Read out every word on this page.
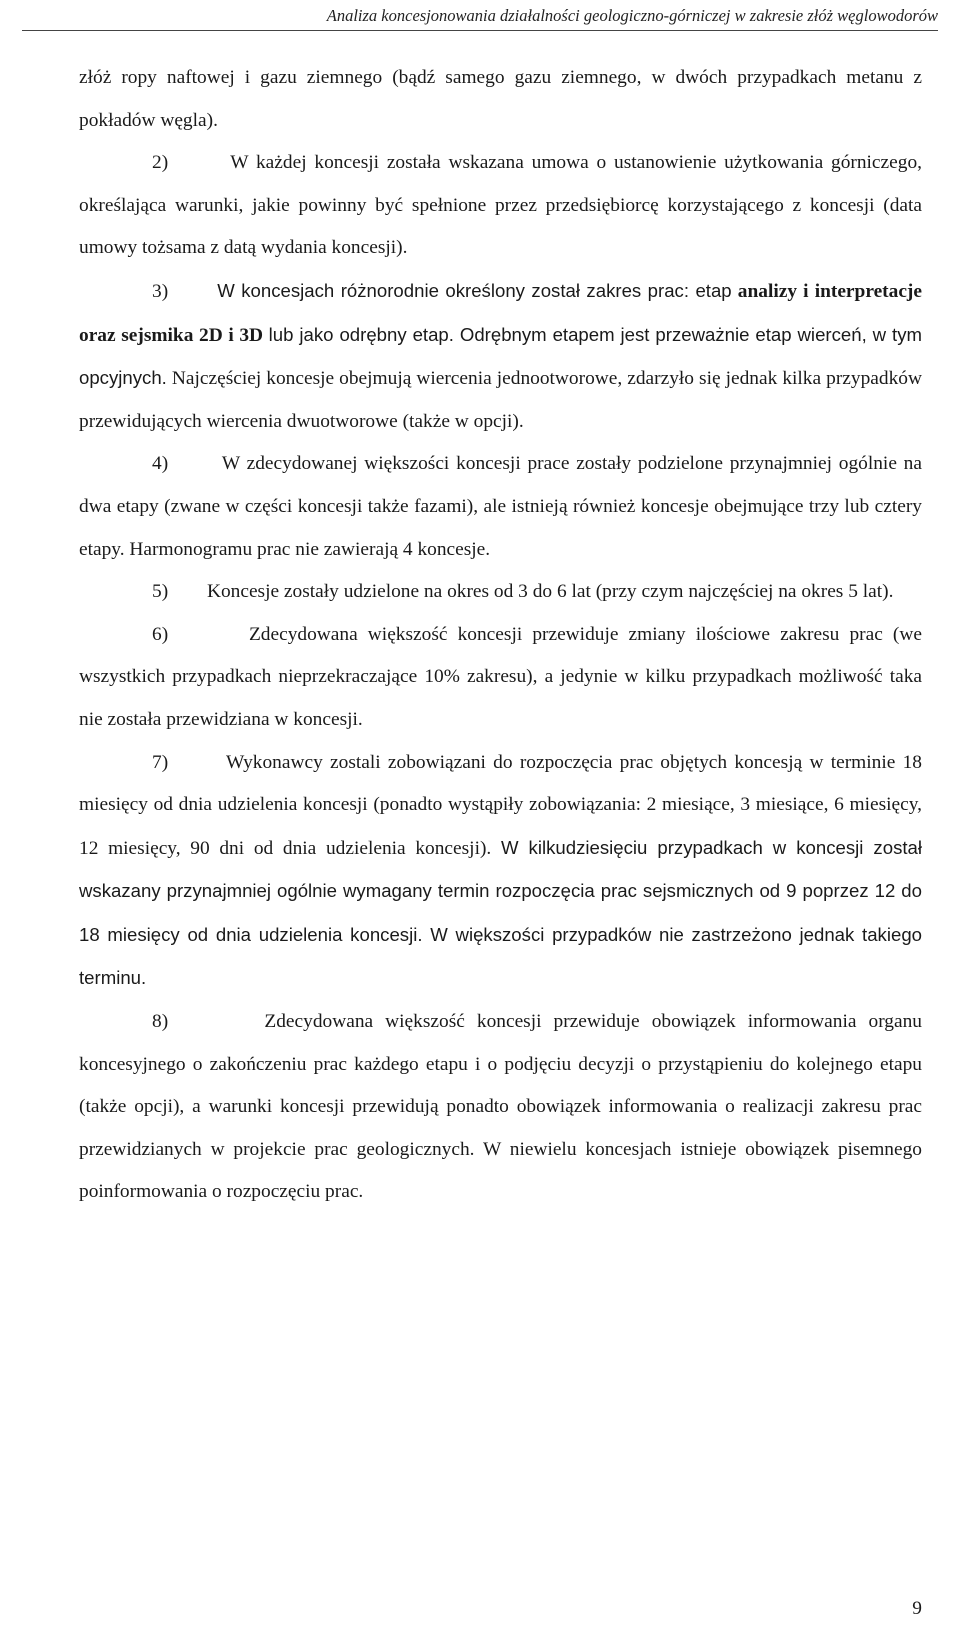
Analiza koncesjonowania działalności geologiczno-górniczej w zakresie złóż węglowodorów

złóż ropy naftowej i gazu ziemnego (bądź samego gazu ziemnego, w dwóch przypadkach metanu z pokładów węgla).

2)	W każdej koncesji została wskazana umowa o ustanowienie użytkowania górniczego, określająca warunki, jakie powinny być spełnione przez przedsiębiorcę korzystającego z koncesji (data umowy tożsama z datą wydania koncesji).

3)	W koncesjach różnorodnie określony został zakres prac: etap analizy i interpretacje oraz sejsmika 2D i 3D lub jako odrębny etap. Odrębnym etapem jest przeważnie etap wierceń, w tym opcyjnych. Najczęściej koncesje obejmują wiercenia jednootworowe, zdarzyło się jednak kilka przypadków przewidujących wiercenia dwuotworowe (także w opcji).

4)	W zdecydowanej większości koncesji prace zostały podzielone przynajmniej ogólnie na dwa etapy (zwane w części koncesji także fazami), ale istnieją również koncesje obejmujące trzy lub cztery etapy. Harmonogramu prac nie zawierają 4 koncesje.

5) Koncesje zostały udzielone na okres od 3 do 6 lat (przy czym najczęściej na okres 5 lat).

6)	Zdecydowana większość koncesji przewiduje zmiany ilościowe zakresu prac (we wszystkich przypadkach nieprzekraczające 10% zakresu), a jedynie w kilku przypadkach możliwość taka nie została przewidziana w koncesji.

7)	Wykonawcy zostali zobowiązani do rozpoczęcia prac objętych koncesją w terminie 18 miesięcy od dnia udzielenia koncesji (ponadto wystąpiły zobowiązania: 2 miesiące, 3 miesiące, 6 miesięcy, 12 miesięcy, 90 dni od dnia udzielenia koncesji). W kilkudziesięciu przypadkach w koncesji został wskazany przynajmniej ogólnie wymagany termin rozpoczęcia prac sejsmicznych od 9 poprzez 12 do 18 miesięcy od dnia udzielenia koncesji. W większości przypadków nie zastrzeżono jednak takiego terminu.

8)	Zdecydowana większość koncesji przewiduje obowiązek informowania organu koncesyjnego o zakończeniu prac każdego etapu i o podjęciu decyzji o przystąpieniu do kolejnego etapu (także opcji), a warunki koncesji przewidują ponadto obowiązek informowania o realizacji zakresu prac przewidzianych w projekcie prac geologicznych. W niewielu koncesjach istnieje obowiązek pisemnego poinformowania o rozpoczęciu prac.

9
